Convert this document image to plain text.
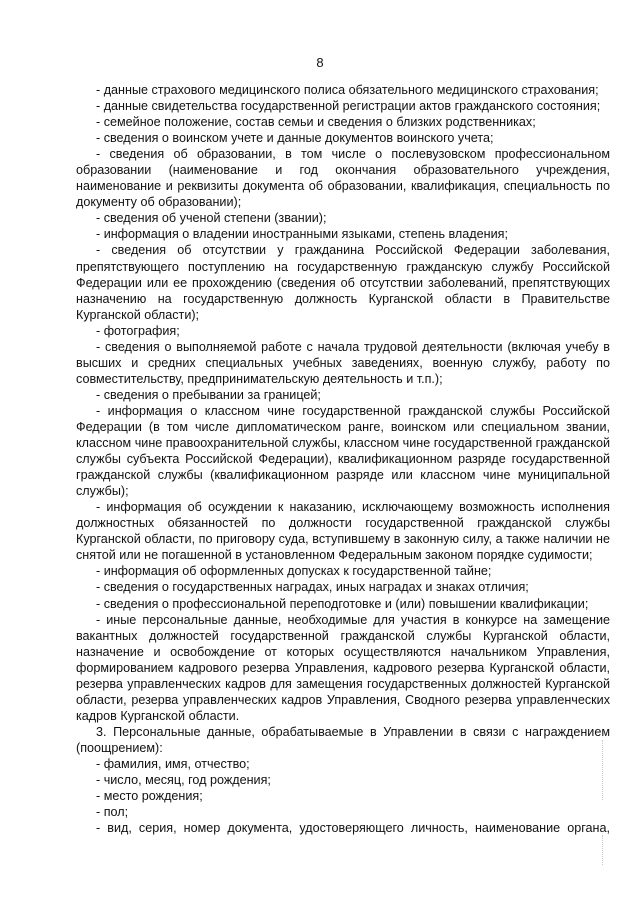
8

- данные страхового медицинского полиса обязательного медицинского страхования;

- данные свидетельства государственной регистрации актов гражданского состояния;

- семейное положение, состав семьи и сведения о близких родственниках;

- сведения о воинском учете и данные документов воинского учета;

- сведения об образовании, в том числе о послевузовском профессиональном образовании (наименование и год окончания образовательного учреждения, наименование и реквизиты документа об образовании, квалификация, специальность по документу об образовании);

- сведения об ученой степени (звании);

- информация о владении иностранными языками, степень владения;

- сведения об отсутствии у гражданина Российской Федерации заболевания, препятствующего поступлению на государственную гражданскую службу Российской Федерации или ее прохождению (сведения об отсутствии заболеваний, препятствующих назначению на государственную должность Курганской области в Правительстве Курганской области);

- фотография;

- сведения о выполняемой работе с начала трудовой деятельности (включая учебу в высших и средних специальных учебных заведениях, военную службу, работу по совместительству, предпринимательскую деятельность и т.п.);

- сведения о пребывании за границей;

- информация о классном чине государственной гражданской службы Российской Федерации (в том числе дипломатическом ранге, воинском или специальном звании, классном чине правоохранительной службы, классном чине государственной гражданской службы субъекта Российской Федерации), квалификационном разряде государственной гражданской службы (квалификационном разряде или классном чине муниципальной службы);

- информация об осуждении к наказанию, исключающему возможность исполнения должностных обязанностей по должности государственной гражданской службы Курганской области, по приговору суда, вступившему в законную силу, а также наличии не снятой или не погашенной в установленном Федеральным законом порядке судимости;

- информация об оформленных допусках к государственной тайне;

- сведения о государственных наградах, иных наградах и знаках отличия;

- сведения о профессиональной переподготовке и (или) повышении квалификации;

- иные персональные данные, необходимые для участия в конкурсе на замещение вакантных должностей государственной гражданской службы Курганской области, назначение и освобождение от которых осуществляются начальником Управления, формированием кадрового резерва Управления, кадрового резерва Курганской области, резерва управленческих кадров для замещения государственных должностей Курганской области, резерва управленческих кадров Управления, Сводного резерва управленческих кадров Курганской области.

3. Персональные данные, обрабатываемые в Управлении в связи с награждением (поощрением):

- фамилия, имя, отчество;

- число, месяц, год рождения;

- место рождения;

- пол;

- вид, серия, номер документа, удостоверяющего личность, наименование органа,
